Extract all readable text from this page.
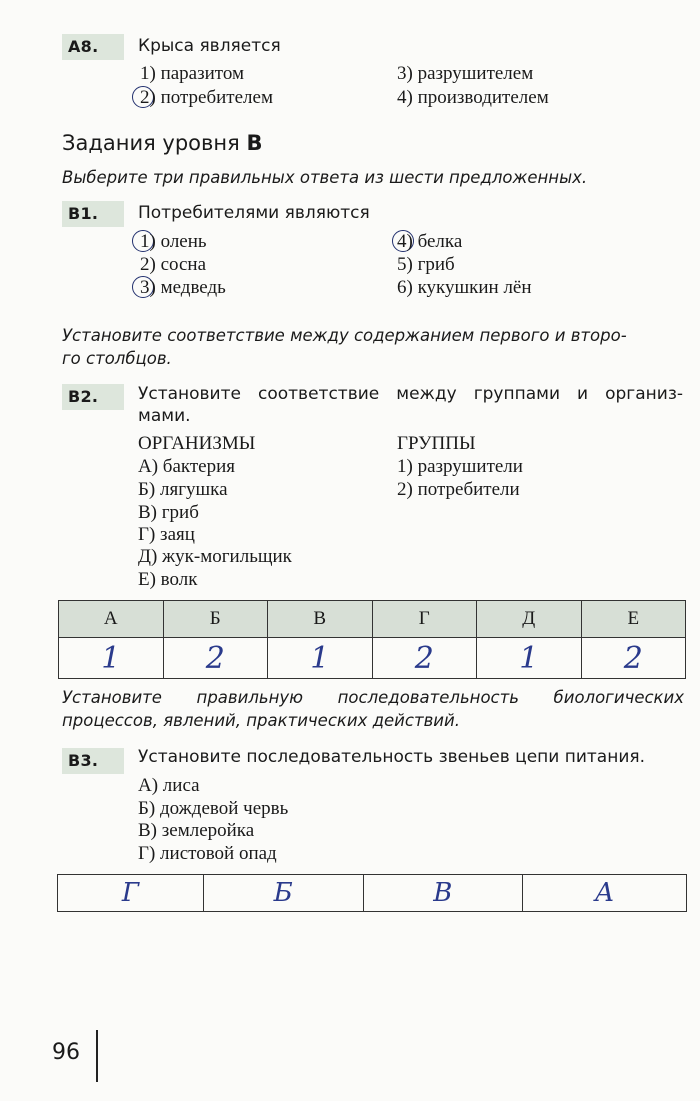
А8.	Крыса является
1) паразитом
2) потребителем
3) разрушителем
4) производителем
Задания уровня В
Выберите три правильных ответа из шести предложенных.
В1.	Потребителями являются
1) олень
2) сосна
3) медведь
4) белка
5) гриб
6) кукушкин лён
Установите соответствие между содержанием первого и второ-
го столбцов.
В2.	Установите соответствие между группами и организ-
мами.
ОРГАНИЗМЫ	ГРУППЫ
А) бактерия
Б) лягушка
В) гриб
Г) заяц
Д) жук-могильщик
Е) волк
1) разрушители
2) потребители
А	Б	В	Г	Д	Е
1	2	1	2	1	2
Установите правильную последовательность биологических
процессов, явлений, практических действий.
В3.	Установите последовательность звеньев цепи питания.
А) лиса
Б) дождевой червь
В) землеройка
Г) листовой опад
Г	Б	В	А
96
